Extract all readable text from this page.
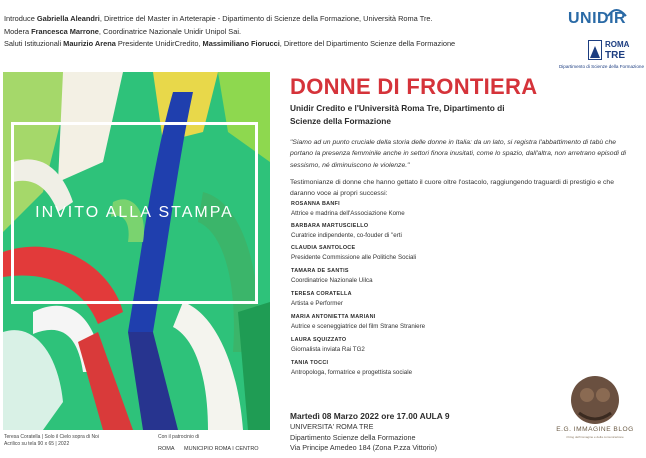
Introduce Gabriella Aleandri, Direttrice del Master in Arteterapie - Dipartimento di Scienze della Formazione, Università Roma Tre.
Modera Francesca Marrone, Coordinatrice Nazionale Unidir Unipol Sai.
Saluti Istituzionali Maurizio Arena Presidente UnidirCredito, Massimiliano Fiorucci, Direttore del Dipartimento Scienze della Formazione
UNIDIR
ROMA
TRE
Dipartimento di Scienze della Formazione
INVITO ALLA STAMPA
Teresa Coratella | Solo il Cielo sopra di Noi
Acrilico su tela 90 x 65 | 2022
Con il patrocinio di
ROMA MUNICIPIO ROMA I CENTRO
DONNE DI FRONTIERA
Unidir Credito e l'Università Roma Tre, Dipartimento di
Scienze della Formazione
"Siamo ad un punto cruciale della storia delle donne in Italia: da un lato, si registra l'abbattimento di tabù che portano la presenza femminile anche in settori finora inusitati, come lo spazio, dall'altra, non arretrano episodi di sessismo, né diminuiscono le violenze."
Testimonianze di donne che hanno gettato il cuore oltre l'ostacolo, raggiungendo traguardi di prestigio e che daranno voce ai propri successi:
ROSANNA BANFI
Attrice e madrina dell'Associazione Kome
BARBARA MARTUSCIELLO
Curatrice indipendente, co-fouder di "erti
CLAUDIA SANTOLOCE
Presidente Commissione alle Politiche Sociali
TAMARA DE SANTIS
Coordinatrice Nazionale Uilca
TERESA CORATELLA
Artista e Performer
MARIA ANTONIETTA MARIANI
Autrice e sceneggiatrice del film Strane Straniere
LAURA SQUIZZATO
Giornalista inviata Rai TG2
TANIA TOCCI
Antropologa, formatrice e progettista sociale
Martedì 08 Marzo 2022 ore 17.00 AULA 9
UNIVERSITA' ROMA TRE
Dipartimento Scienze della Formazione
Via Principe Amedeo 184 (Zona P.zza Vittorio)
E.G. IMMAGINE BLOG
il blog dell'immagine e della comunicazione
